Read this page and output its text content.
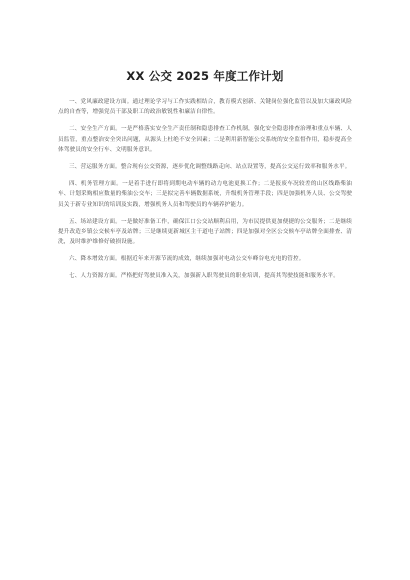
XX 公交 2025 年度工作计划

一、党风廉政建设方面。通过理论学习与工作实践相结合，教育模式创新、关键岗位强化监管以及加大廉政风险点的自查等，增强党员干部及职工的政治敏锐性和廉洁自律性。

二、安全生产方面。一是严格落实安全生产责任制和隐患排查工作机制，强化安全隐患排查治理和重点车辆、人员监管，重点整治安全突出问题，从源头上杜绝不安全因素；二是利用新智能公交系统的安全监督作用，稳步提高全体驾驶员的安全行车、文明服务意识。

三、营运服务方面。整合现有公交资源，逐步优化调整线路走向、站点设置等，提高公交运行效率和服务水平。

四、机务管理方面。一是着手进行即将到期电动车辆的动力电池更换工作；二是报废车况较差的山区线路柴油车、计划采购相应数量的柴油公交车；三是拟完善车辆数据系统，升级机务管理手段；四是加强机务人员、公交驾驶员关于新专业知识的培训及实践，增强机务人员和驾驶员的车辆养护能力。

五、场站建设方面。一是做好准备工作，确保江口公交站顺利启用，为市民提供更加便捷的公交服务；二是继续提升改造乡镇公交候车亭及站牌；三是继续更新城区主干道电子站牌；四是加强对全区公交候车亭站牌全面排查、清洗，及时维护维修好破损设施。

六、降本增效方面。根据近年来开源节流的成效，继续加强对电动公交车峰谷电充电的管控。

七、人力资源方面。严格把好驾驶员准入关，加强新入职驾驶员的职业培训，提高其驾驶技能和服务水平。
